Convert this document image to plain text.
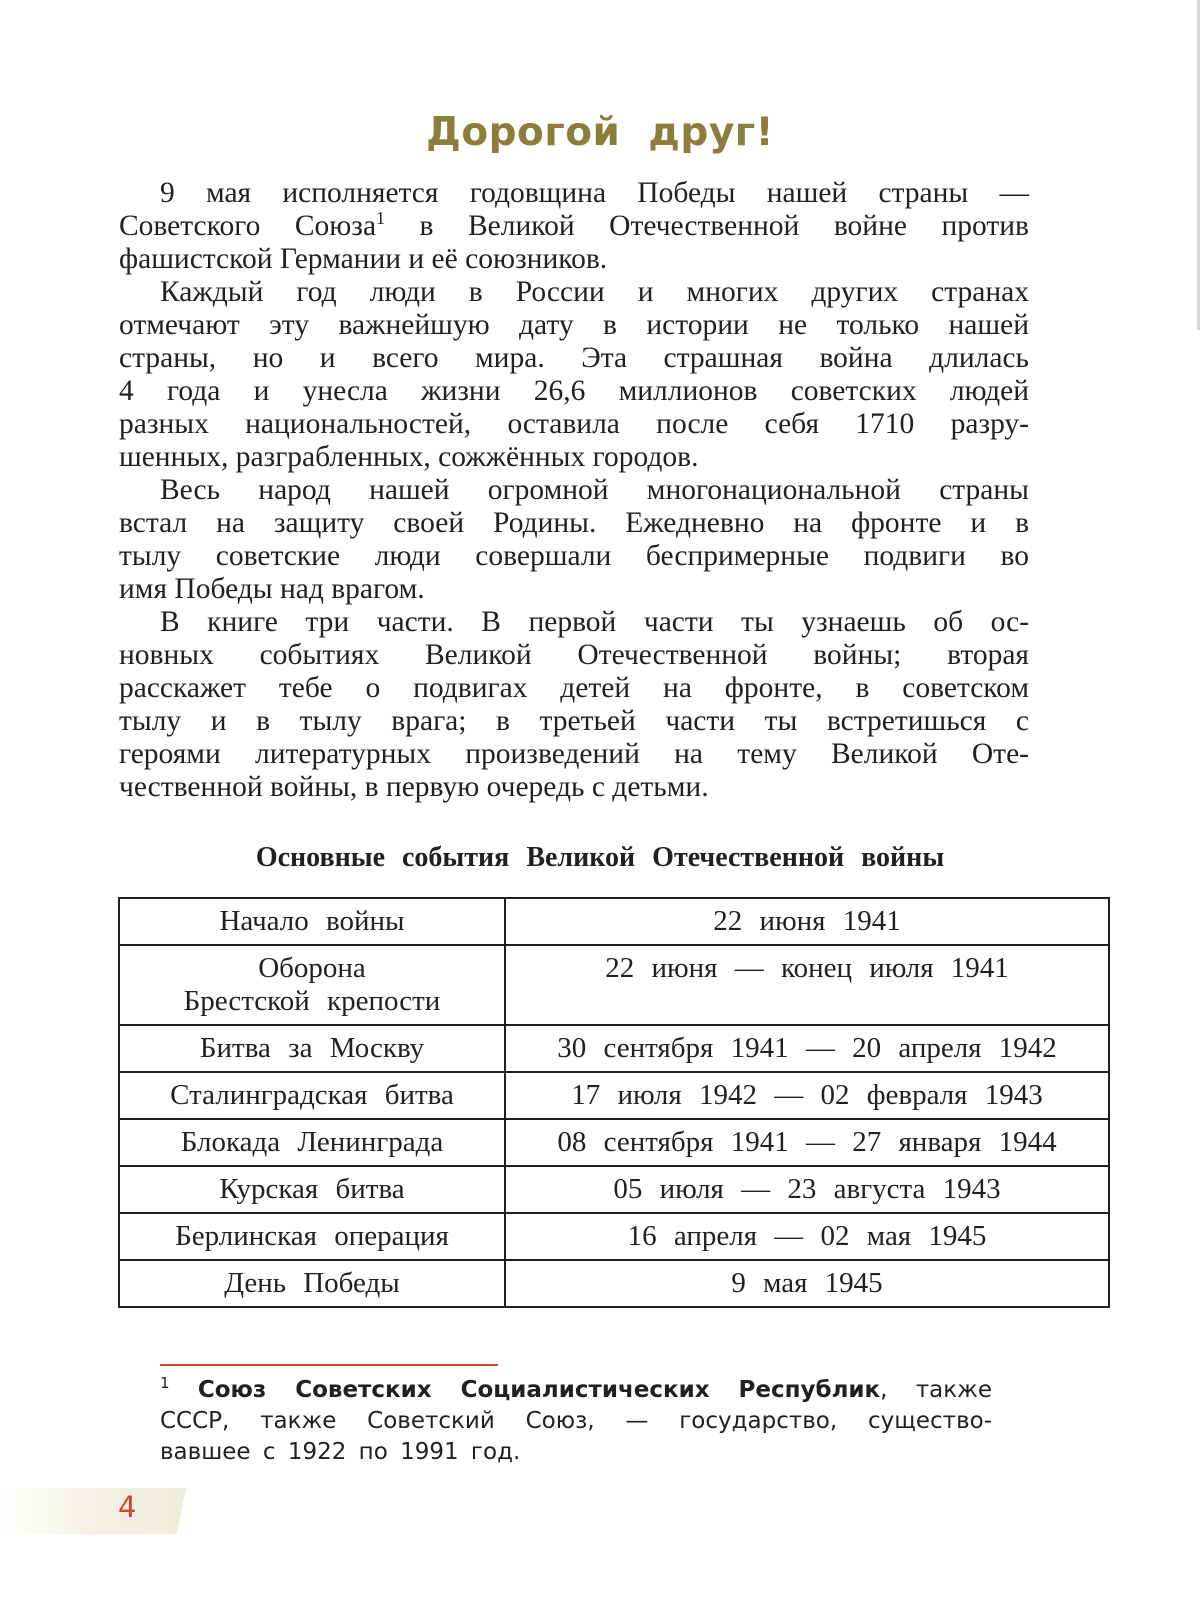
Дорогой друг!

9 мая исполняется годовщина Победы нашей страны —
Советского Союза$^1$ в Великой Отечественной войне против
фашистской Германии и её союзников.

Каждый год люди в России и многих других странах
отмечают эту важнейшую дату в истории не только нашей
страны, но и всего мира. Эта страшная война длилась
4 года и унесла жизни 26,6 миллионов советских людей
разных национальностей, оставила после себя 1710 разру-
шенных, разграбленных, сожжённых городов.

Весь народ нашей огромной многонациональной страны
встал на защиту своей Родины. Ежедневно на фронте и в
тылу советские люди совершали беспримерные подвиги во
имя Победы над врагом.

В книге три части. В первой части ты узнаешь об ос-
новных событиях Великой Отечественной войны; вторая
расскажет тебе о подвигах детей на фронте, в советском
тылу и в тылу врага; в третьей части ты встретишься с
героями литературных произведений на тему Великой Оте-
чественной войны, в первую очередь с детьми.

Основные события Великой Отечественной войны
Начало войны	22 июня 1941
Оборона
Брестской крепости	22 июня — конец июля 1941
Битва за Москву	30 сентября 1941 — 20 апреля 1942
Сталинградская битва	17 июля 1942 — 02 февраля 1943
Блокада Ленинграда	08 сентября 1941 — 27 января 1944
Курская битва	05 июля — 23 августа 1943
Берлинская операция	16 апреля — 02 мая 1945
День Победы	9 мая 1945
$^1$ Союз Советских Социалистических Республик, также
СССР, также Советский Союз, — государство, существо-
вавшее с 1922 по 1991 год.
4
